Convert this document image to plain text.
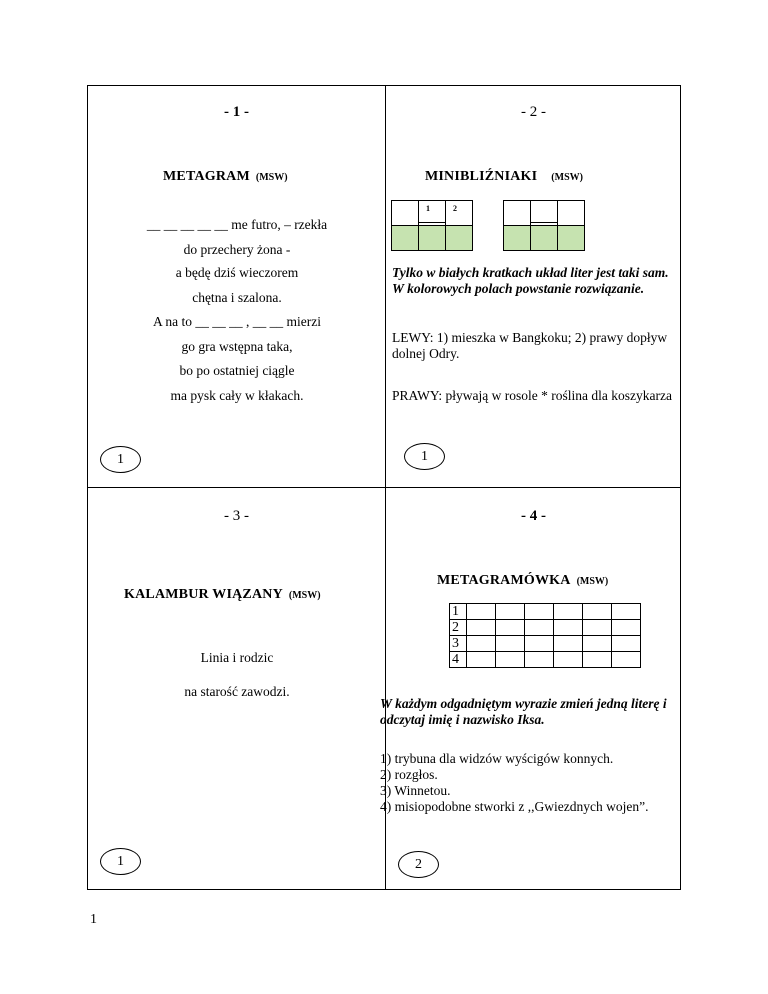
- 1 -
METAGRAM (MSW)
__ __ __ __ __ me futro, – rzekła
do przechery żona -
a będę dziś wieczorem
chętna i szalona.
A na to __ __ __ , __ __ mierzi
go gra wstępna taka,
bo po ostatniej ciągle
ma pysk cały w kłakach.
1
- 2 -
MINIBLIŹNIAKI (MSW)
1	2
Tylko w białych kratkach układ liter jest taki sam. W kolorowych polach powstanie rozwiązanie.
LEWY: 1) mieszka w Bangkoku; 2) prawy dopływ dolnej Odry.
PRAWY: pływają w rosole * roślina dla koszykarza
1
- 3 -
KALAMBUR WIĄZANY (MSW)
Linia i rodzic
na starość zawodzi.
1
- 4 -
METAGRAMÓWKA (MSW)
1						
2						
3						
4						
W każdym odgadniętym wyrazie zmień jedną literę i odczytaj imię i nazwisko Iksa.
1) trybuna dla widzów wyścigów konnych.
2) rozgłos.
3) Winnetou.
4) misiopodobne stworki z ,,Gwiezdnych wojen”.
2
1
